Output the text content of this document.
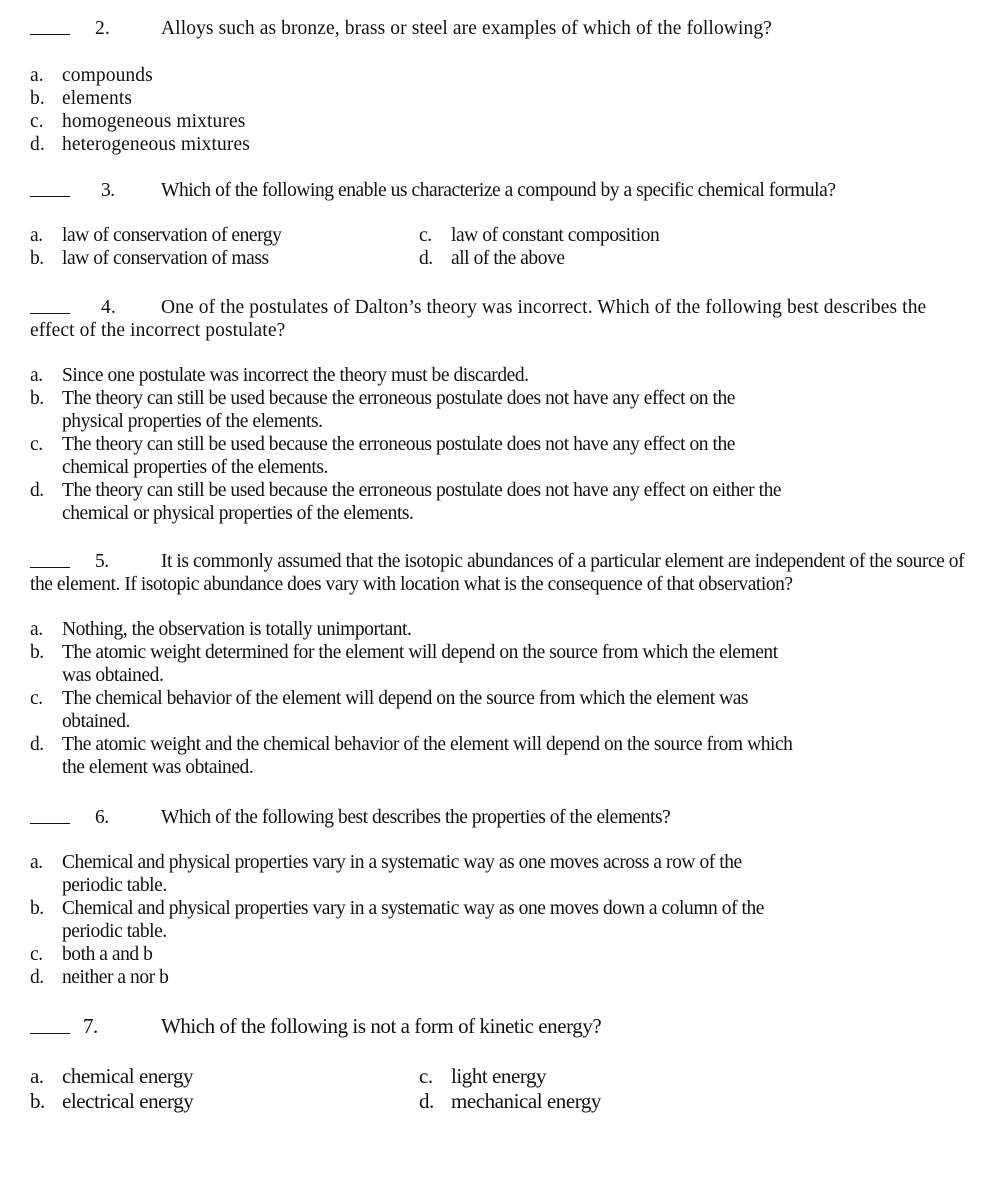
2.	Alloys such as bronze, brass or steel are examples of which of the following?
a. compounds
b. elements
c. homogeneous mixtures
d. heterogeneous mixtures
3. Which of the following enable us characterize a compound by a specific chemical formula?
a. law of conservation of energy
b. law of conservation of mass
c. law of constant composition
d. all of the above
4. One of the postulates of Dalton’s theory was incorrect. Which of the following best describes the effect of the incorrect postulate?
a. Since one postulate was incorrect the theory must be discarded.
b. The theory can still be used because the erroneous postulate does not have any effect on the physical properties of the elements.
c. The theory can still be used because the erroneous postulate does not have any effect on the chemical properties of the elements.
d. The theory can still be used because the erroneous postulate does not have any effect on either the chemical or physical properties of the elements.
5.	It is commonly assumed that the isotopic abundances of a particular element are independent of the source of the element. If isotopic abundance does vary with location what is the consequence of that observation?
a. Nothing, the observation is totally unimportant.
b. The atomic weight determined for the element will depend on the source from which the element was obtained.
c. The chemical behavior of the element will depend on the source from which the element was obtained.
d. The atomic weight and the chemical behavior of the element will depend on the source from which the element was obtained.
6.	Which of the following best describes the properties of the elements?
a. Chemical and physical properties vary in a systematic way as one moves across a row of the periodic table.
b. Chemical and physical properties vary in a systematic way as one moves down a column of the periodic table.
c. both a and b
d. neither a nor b
7.	Which of the following is not a form of kinetic energy?
a. chemical energy
b. electrical energy
c. light energy
d. mechanical energy
